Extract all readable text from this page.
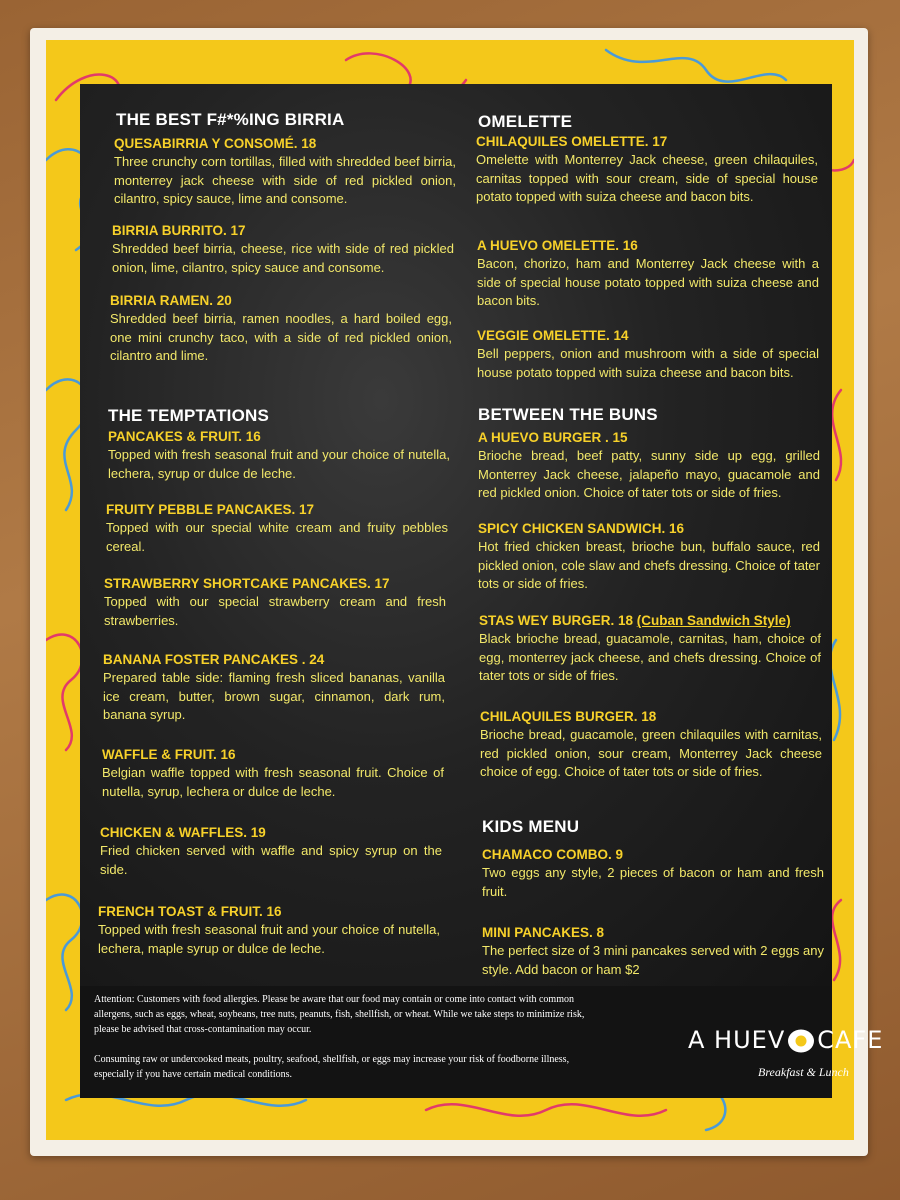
THE BEST F#*%ING BIRRIA
QUESABIRRIA Y CONSOMÉ. 18
Three crunchy corn tortillas, filled with shredded beef birria, monterrey jack cheese with side of red pickled onion, cilantro, spicy sauce, lime and consome.
BIRRIA BURRITO. 17
Shredded beef birria, cheese, rice with side of red pickled onion, lime, cilantro, spicy sauce and consome.
BIRRIA RAMEN. 20
Shredded beef birria, ramen noodles, a hard boiled egg, one mini crunchy taco, with a side of red pickled onion, cilantro and lime.
THE TEMPTATIONS
PANCAKES & FRUIT. 16
Topped with fresh seasonal fruit and your choice of nutella, lechera, syrup or dulce de leche.
FRUITY PEBBLE PANCAKES. 17
Topped with our special white cream and fruity pebbles cereal.
STRAWBERRY SHORTCAKE PANCAKES. 17
Topped with our special strawberry cream and fresh strawberries.
BANANA FOSTER PANCAKES . 24
Prepared table side: flaming fresh sliced bananas, vanilla ice cream, butter, brown sugar, cinnamon, dark rum, banana syrup.
WAFFLE & FRUIT. 16
Belgian waffle topped with fresh seasonal fruit. Choice of nutella, syrup, lechera or dulce de leche.
CHICKEN & WAFFLES. 19
Fried chicken served with waffle and spicy syrup on the side.
FRENCH TOAST & FRUIT. 16
Topped with fresh seasonal fruit and your choice of nutella, lechera, maple syrup or dulce de leche.
OMELETTE
CHILAQUILES OMELETTE. 17
Omelette with Monterrey Jack cheese, green chilaquiles, carnitas topped with sour cream, side of special house potato topped with suiza cheese and bacon bits.
A HUEVO OMELETTE. 16
Bacon, chorizo, ham and Monterrey Jack cheese with a side of special house potato topped with suiza cheese and bacon bits.
VEGGIE OMELETTE. 14
Bell peppers, onion and mushroom with a side of special house potato topped with suiza cheese and bacon bits.
BETWEEN THE BUNS
A HUEVO BURGER . 15
Brioche bread, beef patty, sunny side up egg, grilled Monterrey Jack cheese, jalapeño mayo, guacamole and red pickled onion. Choice of tater tots or side of fries.
SPICY CHICKEN SANDWICH. 16
Hot fried chicken breast, brioche bun, buffalo sauce, red pickled onion, cole slaw and chefs dressing. Choice of tater tots or side of fries.
STAS WEY BURGER. 18 (Cuban Sandwich Style)
Black brioche bread, guacamole, carnitas, ham, choice of egg, monterrey jack cheese, and chefs dressing. Choice of tater tots or side of fries.
CHILAQUILES BURGER. 18
Brioche bread, guacamole, green chilaquiles with carnitas, red pickled onion, sour cream, Monterrey Jack cheese choice of egg. Choice of tater tots or side of fries.
KIDS MENU
CHAMACO COMBO. 9
Two eggs any style, 2 pieces of bacon or ham and fresh fruit.
MINI PANCAKES. 8
The perfect size of 3 mini pancakes served with 2 eggs any style. Add bacon or ham $2
Attention: Customers with food allergies. Please be aware that our food may contain or come into contact with common allergens, such as eggs, wheat, soybeans, tree nuts, peanuts, fish, shellfish, or wheat. While we take steps to minimize risk, please be advised that cross-contamination may occur.
Consuming raw or undercooked meats, poultry, seafood, shellfish, or eggs may increase your risk of foodborne illness, especially if you have certain medical conditions.
A HUEV CAFE
Breakfast & Lunch
